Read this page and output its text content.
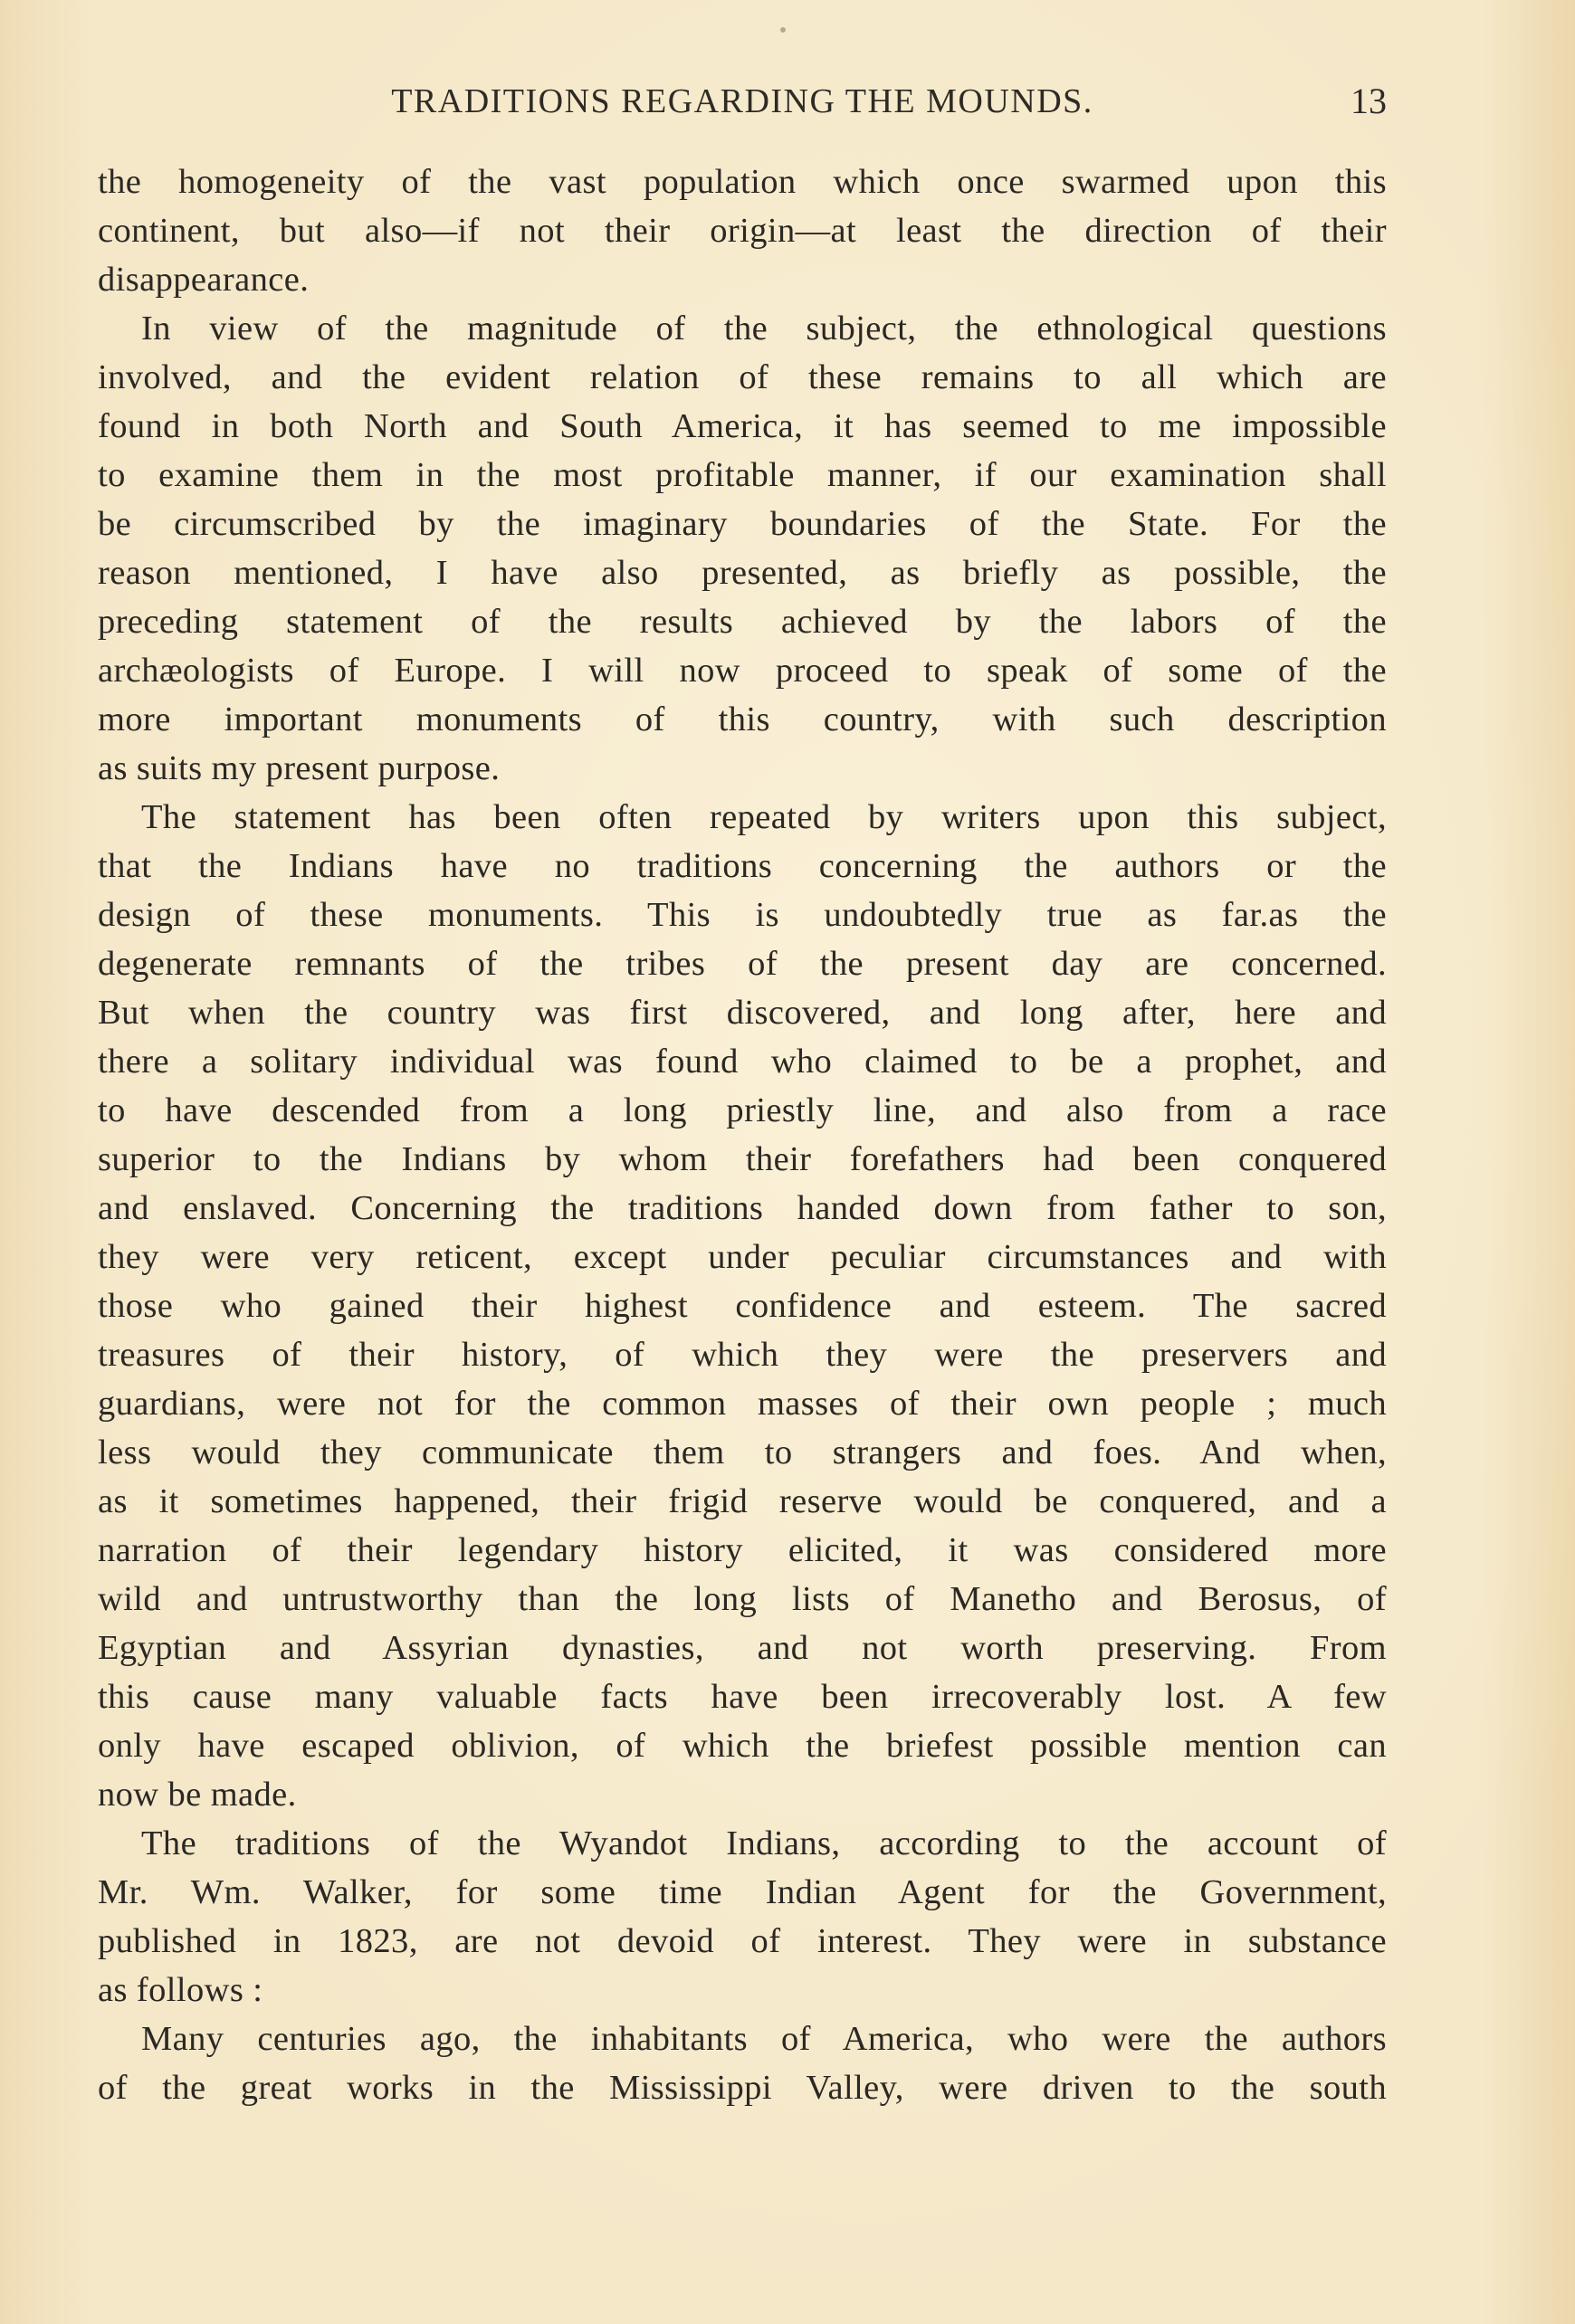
TRADITIONS REGARDING THE MOUNDS.	13
the homogeneity of the vast population which once swarmed upon this
continent, but also—if not their origin—at least the direction of their
disappearance.
In view of the magnitude of the subject, the ethnological questions
involved, and the evident relation of these remains to all which are
found in both North and South America, it has seemed to me impossible
to examine them in the most profitable manner, if our examination shall
be circumscribed by the imaginary boundaries of the State. For the
reason mentioned, I have also presented, as briefly as possible, the
preceding statement of the results achieved by the labors of the
archæologists of Europe. I will now proceed to speak of some of the
more important monuments of this country, with such description
as suits my present purpose.
The statement has been often repeated by writers upon this subject,
that the Indians have no traditions concerning the authors or the
design of these monuments. This is undoubtedly true as far.as the
degenerate remnants of the tribes of the present day are concerned.
But when the country was first discovered, and long after, here and
there a solitary individual was found who claimed to be a prophet, and
to have descended from a long priestly line, and also from a race
superior to the Indians by whom their forefathers had been conquered
and enslaved. Concerning the traditions handed down from father to son,
they were very reticent, except under peculiar circumstances and with
those who gained their highest confidence and esteem. The sacred
treasures of their history, of which they were the preservers and
guardians, were not for the common masses of their own people ; much
less would they communicate them to strangers and foes. And when,
as it sometimes happened, their frigid reserve would be conquered, and a
narration of their legendary history elicited, it was considered more
wild and untrustworthy than the long lists of Manetho and Berosus, of
Egyptian and Assyrian dynasties, and not worth preserving. From
this cause many valuable facts have been irrecoverably lost. A few
only have escaped oblivion, of which the briefest possible mention can
now be made.
The traditions of the Wyandot Indians, according to the account of
Mr. Wm. Walker, for some time Indian Agent for the Government,
published in 1823, are not devoid of interest. They were in substance
as follows :
Many centuries ago, the inhabitants of America, who were the authors
of the great works in the Mississippi Valley, were driven to the south
